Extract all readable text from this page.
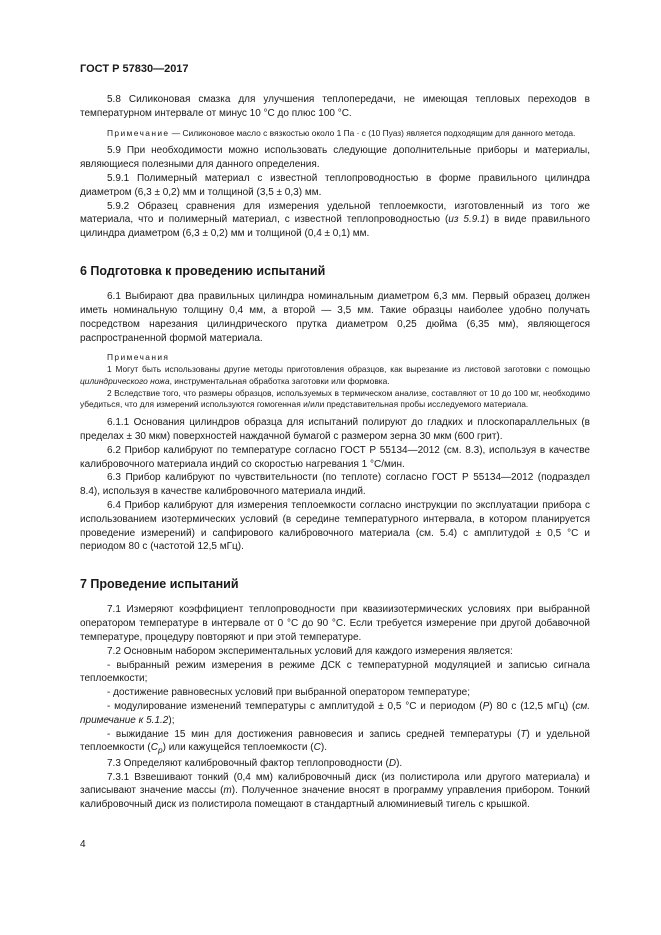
ГОСТ Р 57830—2017

5.8 Силиконовая смазка для улучшения теплопередачи, не имеющая тепловых переходов в температурном интервале от минус 10 °С до плюс 100 °С.

Примечание — Силиконовое масло с вязкостью около 1 Па · с (10 Пуаз) является подходящим для данного метода.

5.9 При необходимости можно использовать следующие дополнительные приборы и материалы, являющиеся полезными для данного определения.

5.9.1 Полимерный материал с известной теплопроводностью в форме правильного цилиндра диаметром (6,3 ± 0,2) мм и толщиной (3,5 ± 0,3) мм.

5.9.2 Образец сравнения для измерения удельной теплоемкости, изготовленный из того же материала, что и полимерный материал, с известной теплопроводностью (из 5.9.1) в виде правильного цилиндра диаметром (6,3 ± 0,2) мм и толщиной (0,4 ± 0,1) мм.

6 Подготовка к проведению испытаний

6.1 Выбирают два правильных цилиндра номинальным диаметром 6,3 мм. Первый образец должен иметь номинальную толщину 0,4 мм, а второй — 3,5 мм. Такие образцы наиболее удобно получать посредством нарезания цилиндрического прутка диаметром 0,25 дюйма (6,35 мм), являющегося распространенной формой материала.

Примечания
1 Могут быть использованы другие методы приготовления образцов, как вырезание из листовой заготовки с помощью цилиндрического ножа, инструментальная обработка заготовки или формовка.
2 Вследствие того, что размеры образцов, используемых в термическом анализе, составляют от 10 до 100 мг, необходимо убедиться, что для измерений используются гомогенная и/или представительная пробы исследуемого материала.

6.1.1 Основания цилиндров образца для испытаний полируют до гладких и плоскопараллельных (в пределах ± 30 мкм) поверхностей наждачной бумагой с размером зерна 30 мкм (600 грит).

6.2 Прибор калибруют по температуре согласно ГОСТ Р 55134—2012 (см. 8.3), используя в качестве калибровочного материала индий со скоростью нагревания 1 °С/мин.

6.3 Прибор калибруют по чувствительности (по теплоте) согласно ГОСТ Р 55134—2012 (подраздел 8.4), используя в качестве калибровочного материала индий.

6.4 Прибор калибруют для измерения теплоемкости согласно инструкции по эксплуатации прибора с использованием изотермических условий (в середине температурного интервала, в котором планируется проведение измерений) и сапфирового калибровочного материала (см. 5.4) с амплитудой ± 0,5 °С и периодом 80 с (частотой 12,5 мГц).

7 Проведение испытаний

7.1 Измеряют коэффициент теплопроводности при квазиизотермических условиях при выбранной оператором температуре в интервале от 0 °С до 90 °С. Если требуется измерение при другой добавочной температуре, процедуру повторяют и при этой температуре.

7.2 Основным набором экспериментальных условий для каждого измерения является:

- выбранный режим измерения в режиме ДСК с температурной модуляцией и записью сигнала теплоемкости;

- достижение равновесных условий при выбранной оператором температуре;

- модулирование изменений температуры с амплитудой ± 0,5 °С и периодом (P) 80 с (12,5 мГц) (см. примечание к 5.1.2);

- выжидание 15 мин для достижения равновесия и запись средней температуры (T) и удельной теплоемкости $(C_p)$ или кажущейся теплоемкости (C).

7.3 Определяют калибровочный фактор теплопроводности (D).

7.3.1 Взвешивают тонкий (0,4 мм) калибровочный диск (из полистирола или другого материала) и записывают значение массы (m). Полученное значение вносят в программу управления прибором. Тонкий калибровочный диск из полистирола помещают в стандартный алюминиевый тигель с крышкой.

4
